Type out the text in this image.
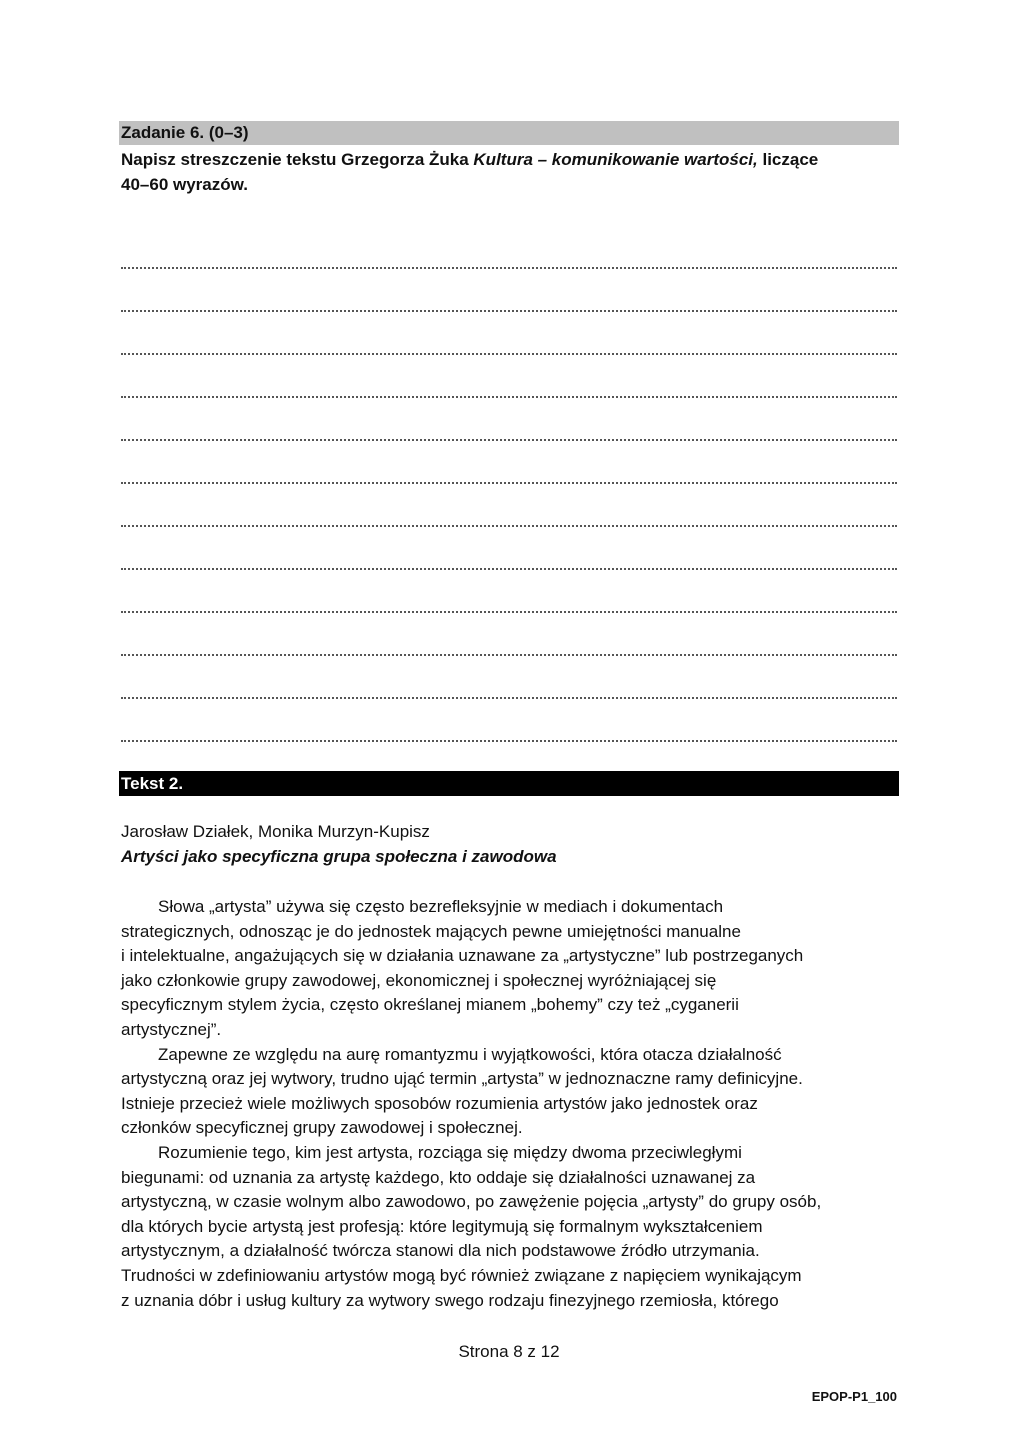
Zadanie 6. (0–3)
Napisz streszczenie tekstu Grzegorza Żuka Kultura – komunikowanie wartości, liczące
40–60 wyrazów.
Tekst 2.
Jarosław Działek, Monika Murzyn-Kupisz
Artyści jako specyficzna grupa społeczna i zawodowa
Słowa „artysta” używa się często bezrefleksyjnie w mediach i dokumentach
strategicznych, odnosząc je do jednostek mających pewne umiejętności manualne
i intelektualne, angażujących się w działania uznawane za „artystyczne” lub postrzeganych
jako członkowie grupy zawodowej, ekonomicznej i społecznej wyróżniającej się
specyficznym stylem życia, często określanej mianem „bohemy” czy też „cyganerii
artystycznej”.
Zapewne ze względu na aurę romantyzmu i wyjątkowości, która otacza działalność
artystyczną oraz jej wytwory, trudno ująć termin „artysta” w jednoznaczne ramy definicyjne.
Istnieje przecież wiele możliwych sposobów rozumienia artystów jako jednostek oraz
członków specyficznej grupy zawodowej i społecznej.
Rozumienie tego, kim jest artysta, rozciąga się między dwoma przeciwległymi
biegunami: od uznania za artystę każdego, kto oddaje się działalności uznawanej za
artystyczną, w czasie wolnym albo zawodowo, po zawężenie pojęcia „artysty” do grupy osób,
dla których bycie artystą jest profesją: które legitymują się formalnym wykształceniem
artystycznym, a działalność twórcza stanowi dla nich podstawowe źródło utrzymania.
Trudności w zdefiniowaniu artystów mogą być również związane z napięciem wynikającym
z uznania dóbr i usług kultury za wytwory swego rodzaju finezyjnego rzemiosła, którego
Strona 8 z 12
EPOP-P1_100
